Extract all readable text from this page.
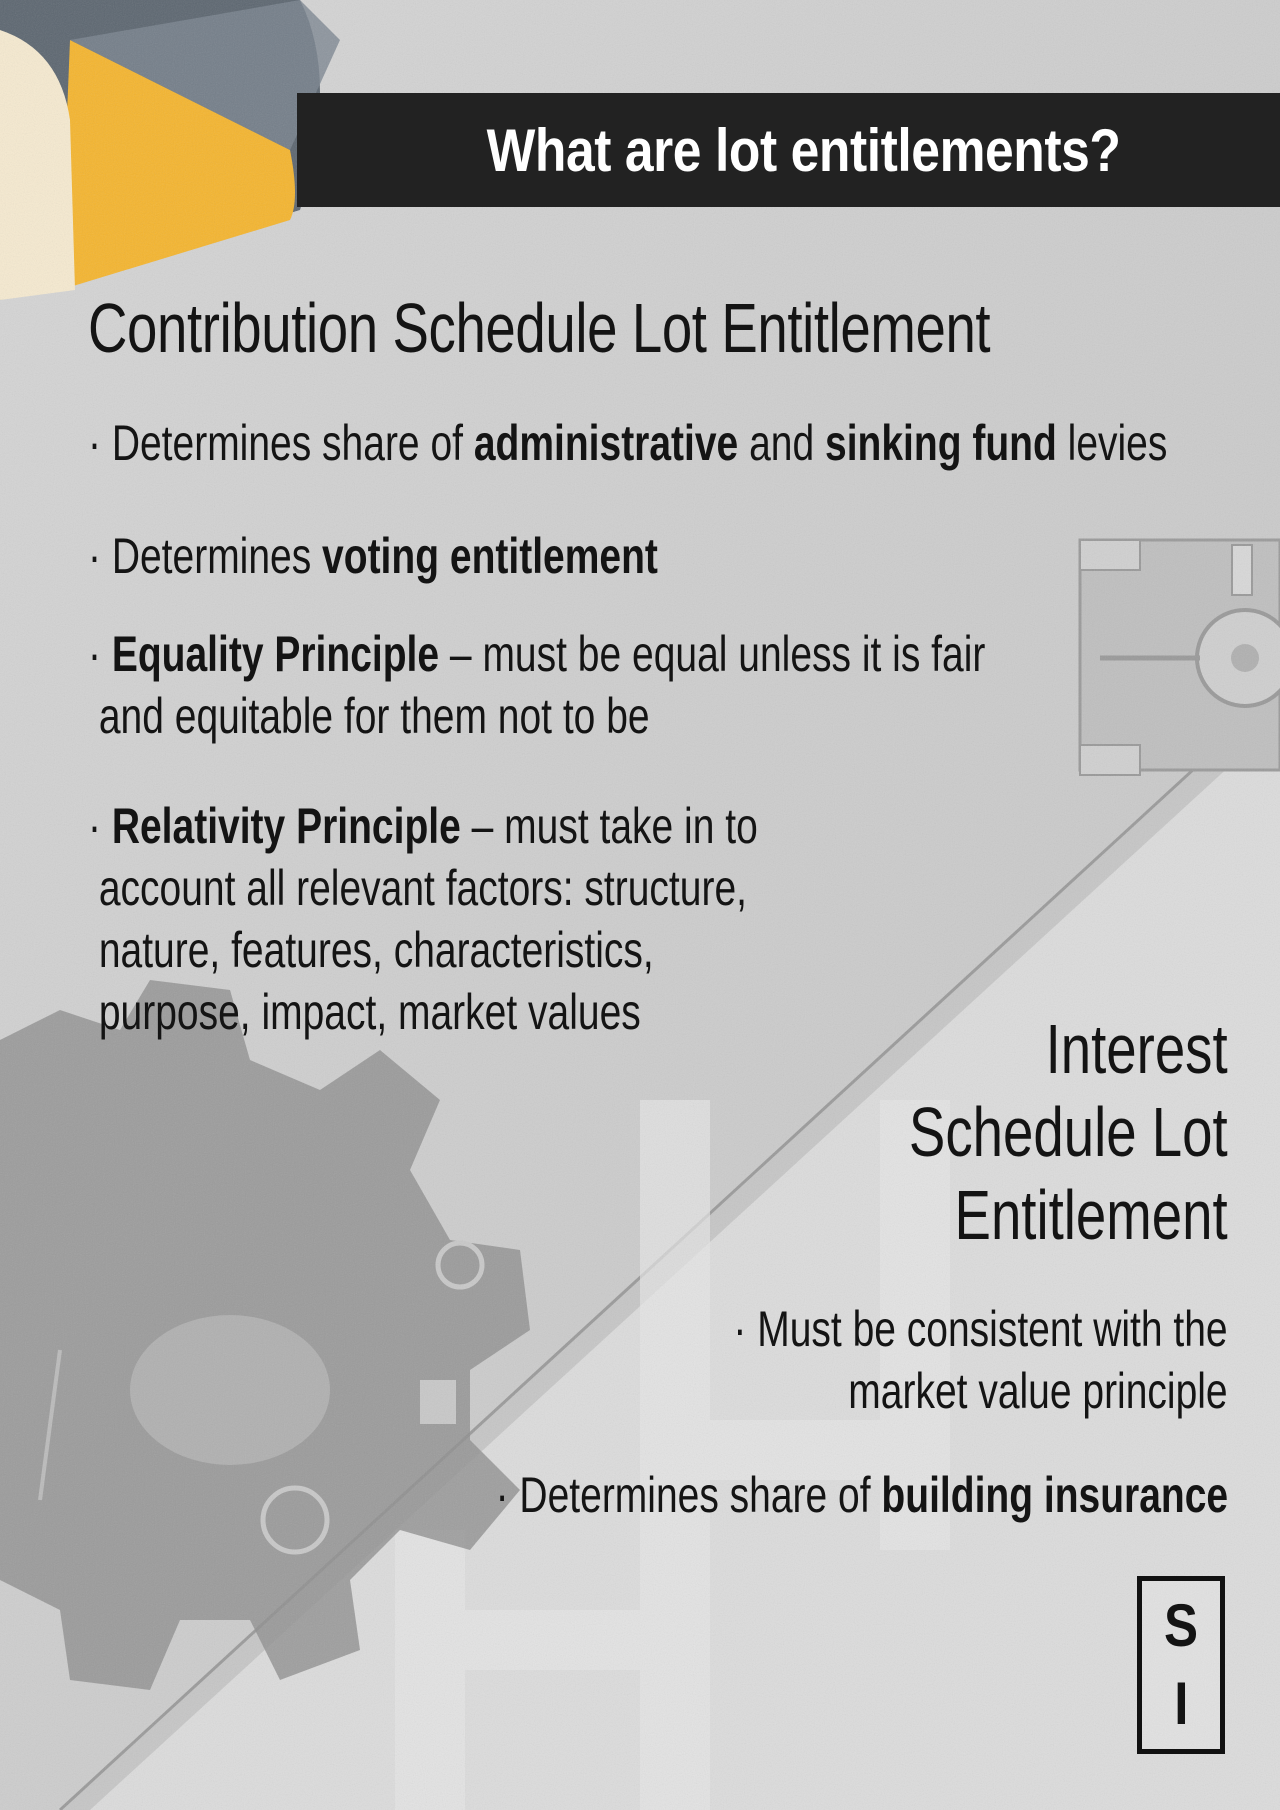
What are lot entitlements?
Contribution Schedule Lot Entitlement
· Determines share of administrative and sinking fund levies
· Determines voting entitlement
· Equality Principle – must be equal unless it is fair
and equitable for them not to be
· Relativity Principle – must take in to
account all relevant factors: structure,
nature, features, characteristics,
purpose, impact, market values	Interest
Schedule Lot
Entitlement
· Must be consistent with the
market value principle
· Determines share of building insurance
S
I
